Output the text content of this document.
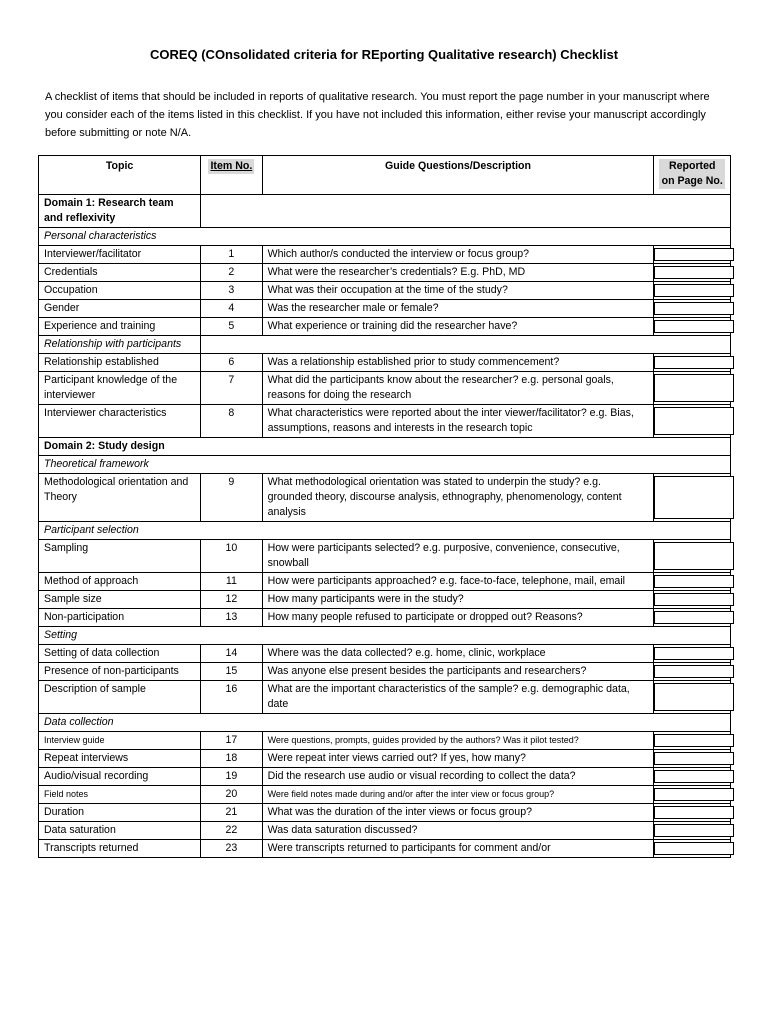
COREQ (COnsolidated criteria for REporting Qualitative research) Checklist
A checklist of items that should be included in reports of qualitative research. You must report the page number in your manuscript where you consider each of the items listed in this checklist. If you have not included this information, either revise your manuscript accordingly before submitting or note N/A.
Topic	Item No.	Guide Questions/Description	Reported on Page No.
Domain 1: Research team and reflexivity			
Personal characteristics			
Interviewer/facilitator	1	Which author/s conducted the interview or focus group?	

Credentials	2	What were the researcher’s credentials? E.g. PhD, MD	

Occupation	3	What was their occupation at the time of the study?	

Gender	4	Was the researcher male or female?	

Experience and training	5	What experience or training did the researcher have?	

Relationship with participants			
Relationship established	6	Was a relationship established prior to study commencement?	

Participant knowledge of the interviewer	7	What did the participants know about the researcher? e.g. personal goals, reasons for doing the research	

Interviewer characteristics	8	What characteristics were reported about the inter viewer/facilitator? e.g. Bias, assumptions, reasons and interests in the research topic	

Domain 2: Study design			
Theoretical framework			
Methodological orientation and Theory	9	What methodological orientation was stated to underpin the study? e.g. grounded theory, discourse analysis, ethnography, phenomenology, content analysis	

Participant selection			
Sampling	10	How were participants selected? e.g. purposive, convenience, consecutive, snowball	

Method of approach	11	How were participants approached? e.g. face-to-face, telephone, mail, email	

Sample size	12	How many participants were in the study?	

Non-participation	13	How many people refused to participate or dropped out? Reasons?	

Setting			
Setting of data collection	14	Where was the data collected? e.g. home, clinic, workplace	

Presence of non-participants	15	Was anyone else present besides the participants and researchers?	

Description of sample	16	What are the important characteristics of the sample? e.g. demographic data, date	

Data collection			
Interview guide	17	Were questions, prompts, guides provided by the authors? Was it pilot tested?	

Repeat interviews	18	Were repeat inter views carried out? If yes, how many?	

Audio/visual recording	19	Did the research use audio or visual recording to collect the data?	

Field notes	20	Were field notes made during and/or after the inter view or focus group?	

Duration	21	What was the duration of the inter views or focus group?	

Data saturation	22	Was data saturation discussed?	

Transcripts returned	23	Were transcripts returned to participants for comment and/or	
